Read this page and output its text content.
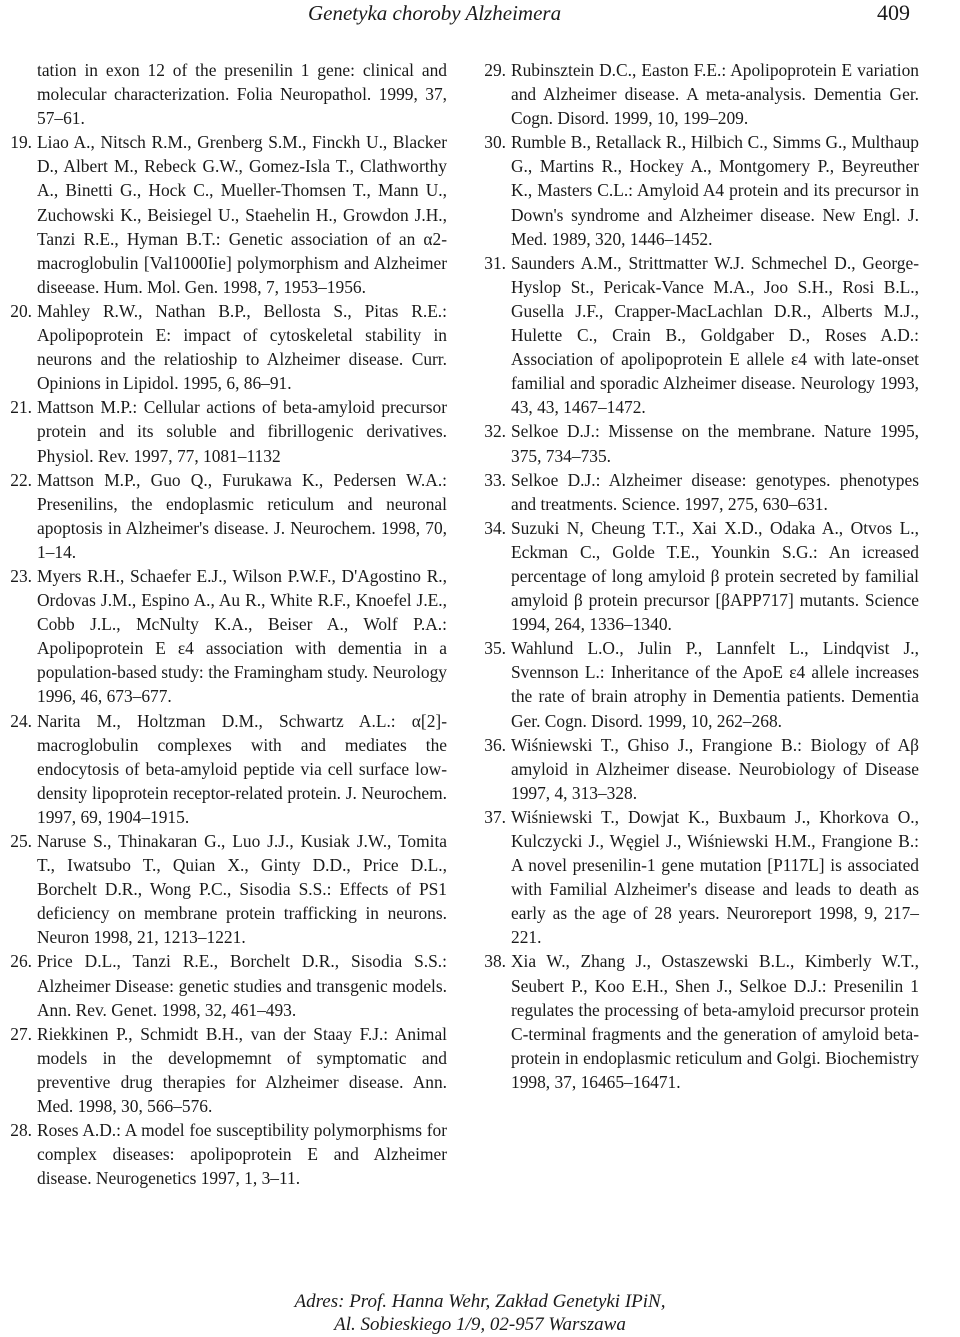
Genetyka choroby Alzheimera	409
tation in exon 12 of the presenilin 1 gene: clinical and molecular characterization. Folia Neuropathol. 1999, 37, 57–61.
19. Liao A., Nitsch R.M., Grenberg S.M., Finckh U., Blacker D., Albert M., Rebeck G.W., Gomez-Isla T., Clathworthy A., Binetti G., Hock C., Mueller-Thomsen T., Mann U., Zuchowski K., Beisiegel U., Staehelin H., Growdon J.H., Tanzi R.E., Hyman B.T.: Genetic association of an α2-macroglobulin [Val1000Iie] polymorphism and Alzheimer diseease. Hum. Mol. Gen. 1998, 7, 1953–1956.
20. Mahley R.W., Nathan B.P., Bellosta S., Pitas R.E.: Apolipoprotein E: impact of cytoskeletal stability in neurons and the relatioship to Alzheimer disease. Curr. Opinions in Lipidol. 1995, 6, 86–91.
21. Mattson M.P.: Cellular actions of beta-amyloid precursor protein and its soluble and fibrillogenic derivatives. Physiol. Rev. 1997, 77, 1081–1132
22. Mattson M.P., Guo Q., Furukawa K., Pedersen W.A.: Presenilins, the endoplasmic reticulum and neuronal apoptosis in Alzheimer's disease. J. Neurochem. 1998, 70, 1–14.
23. Myers R.H., Schaefer E.J., Wilson P.W.F., D'Agostino R., Ordovas J.M., Espino A., Au R., White R.F., Knoefel J.E., Cobb J.L., McNulty K.A., Beiser A., Wolf P.A.: Apolipoprotein E ε4 association with dementia in a population-based study: the Framingham study. Neurology 1996, 46, 673–677.
24. Narita M., Holtzman D.M., Schwartz A.L.: α[2]-macroglobulin complexes with and mediates the endocytosis of beta-amyloid peptide via cell surface low-density lipoprotein receptor-related protein. J. Neurochem. 1997, 69, 1904–1915.
25. Naruse S., Thinakaran G., Luo J.J., Kusiak J.W., Tomita T., Iwatsubo T., Quian X., Ginty D.D., Price D.L., Borchelt D.R., Wong P.C., Sisodia S.S.: Effects of PS1 deficiency on membrane protein trafficking in neurons. Neuron 1998, 21, 1213–1221.
26. Price D.L., Tanzi R.E., Borchelt D.R., Sisodia S.S.: Alzheimer Disease: genetic studies and transgenic models. Ann. Rev. Genet. 1998, 32, 461–493.
27. Riekkinen P., Schmidt B.H., van der Staay F.J.: Animal models in the developmemnt of symptomatic and preventive drug therapies for Alzheimer disease. Ann. Med. 1998, 30, 566–576.
28. Roses A.D.: A model foe susceptibility polymorphisms for complex diseases: apolipoprotein E and Alzheimer disease. Neurogenetics 1997, 1, 3–11.
29. Rubinsztein D.C., Easton F.E.: Apolipoprotein E variation and Alzheimer disease. A meta-analysis. Dementia Ger. Cogn. Disord. 1999, 10, 199–209.
30. Rumble B., Retallack R., Hilbich C., Simms G., Multhaup G., Martins R., Hockey A., Montgomery P., Beyreuther K., Masters C.L.: Amyloid A4 protein and its precursor in Down's syndrome and Alzheimer disease. New Engl. J. Med. 1989, 320, 1446–1452.
31. Saunders A.M., Strittmatter W.J. Schmechel D., George-Hyslop St., Pericak-Vance M.A., Joo S.H., Rosi B.L., Gusella J.F., Crapper-MacLachlan D.R., Alberts M.J., Hulette C., Crain B., Goldgaber D., Roses A.D.: Association of apolipoprotein E allele ε4 with late-onset familial and sporadic Alzheimer disease. Neurology 1993, 43, 43, 1467–1472.
32. Selkoe D.J.: Missense on the membrane. Nature 1995, 375, 734–735.
33. Selkoe D.J.: Alzheimer disease: genotypes. phenotypes and treatments. Science. 1997, 275, 630–631.
34. Suzuki N, Cheung T.T., Xai X.D., Odaka A., Otvos L., Eckman C., Golde T.E., Younkin S.G.: An icreased percentage of long amyloid β protein secreted by familial amyloid β protein precursor [βAPP717] mutants. Science 1994, 264, 1336–1340.
35. Wahlund L.O., Julin P., Lannfelt L., Lindqvist J., Svennson L.: Inheritance of the ApoE ε4 allele increases the rate of brain atrophy in Dementia patients. Dementia Ger. Cogn. Disord. 1999, 10, 262–268.
36. Wiśniewski T., Ghiso J., Frangione B.: Biology of Aβ amyloid in Alzheimer disease. Neurobiology of Disease 1997, 4, 313–328.
37. Wiśniewski T., Dowjat K., Buxbaum J., Khorkova O., Kulczycki J., Węgiel J., Wiśniewski H.M., Frangione B.: A novel presenilin-1 gene mutation [P117L] is associated with Familial Alzheimer's disease and leads to death as early as the age of 28 years. Neuroreport 1998, 9, 217–221.
38. Xia W., Zhang J., Ostaszewski B.L., Kimberly W.T., Seubert P., Koo E.H., Shen J., Selkoe D.J.: Presenilin 1 regulates the processing of beta-amyloid precursor protein C-terminal fragments and the generation of amyloid beta-protein in endoplasmic reticulum and Golgi. Biochemistry 1998, 37, 16465–16471.
Adres: Prof. Hanna Wehr, Zakład Genetyki IPiN,
Al. Sobieskiego 1/9, 02-957 Warszawa
